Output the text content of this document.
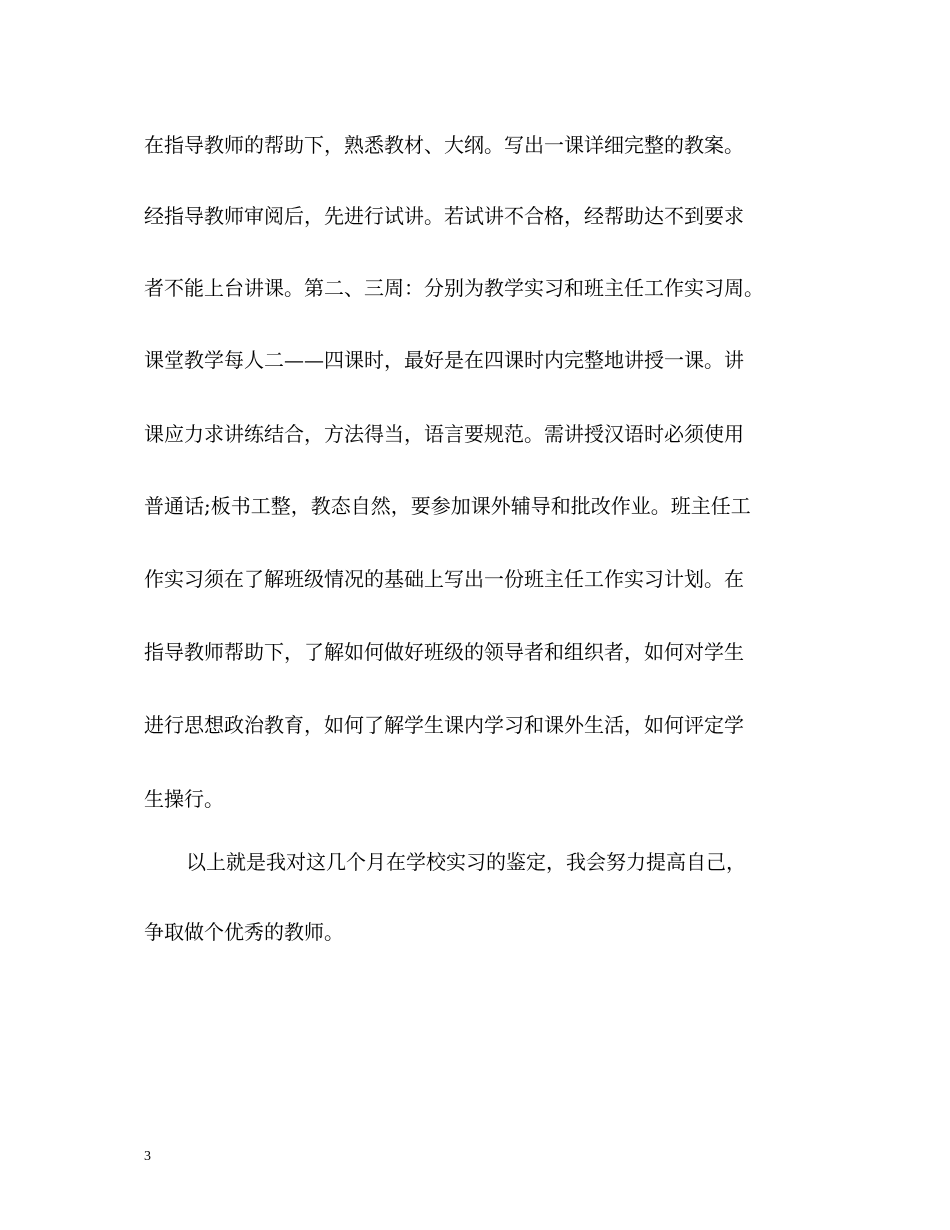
在指导教师的帮助下，熟悉教材、大纲。写出一课详细完整的教案。

经指导教师审阅后，先进行试讲。若试讲不合格，经帮助达不到要求

者不能上台讲课。第二、三周：分别为教学实习和班主任工作实习周。

课堂教学每人二——四课时，最好是在四课时内完整地讲授一课。讲

课应力求讲练结合，方法得当，语言要规范。需讲授汉语时必须使用

普通话;板书工整，教态自然，要参加课外辅导和批改作业。班主任工

作实习须在了解班级情况的基础上写出一份班主任工作实习计划。在

指导教师帮助下，了解如何做好班级的领导者和组织者，如何对学生

进行思想政治教育，如何了解学生课内学习和课外生活，如何评定学

生操行。

以上就是我对这几个月在学校实习的鉴定，我会努力提高自己，

争取做个优秀的教师。

3
